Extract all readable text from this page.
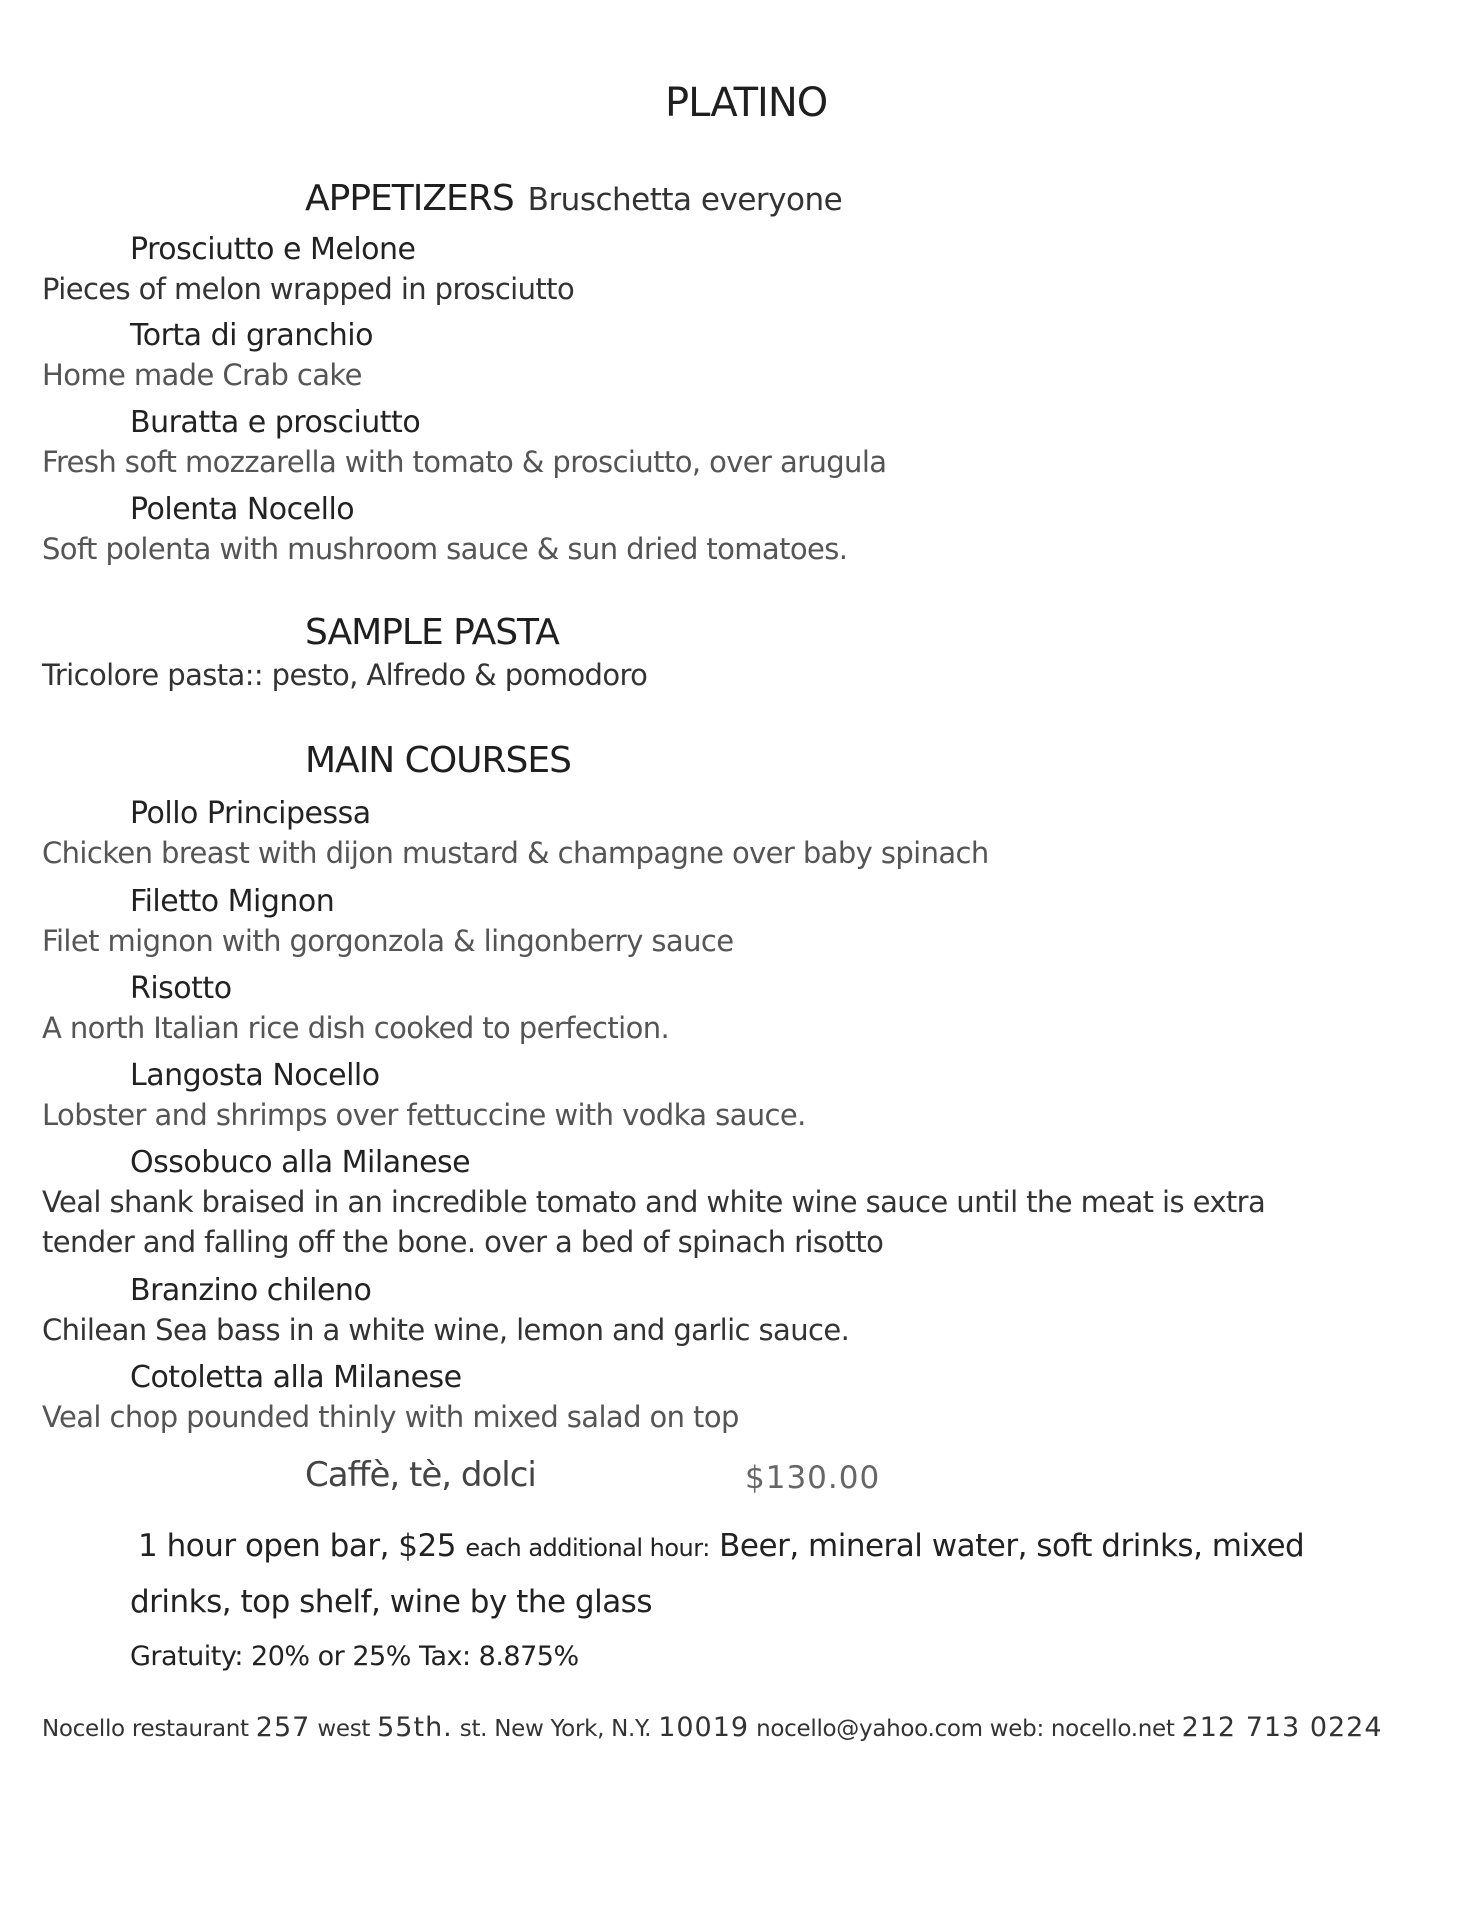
PLATINO
APPETIZERS Bruschetta everyone
Prosciutto e Melone
Pieces of melon wrapped in prosciutto
Torta di granchio
Home made Crab cake
Buratta e prosciutto
Fresh soft mozzarella with tomato & prosciutto, over arugula
Polenta Nocello
Soft polenta with mushroom sauce & sun dried tomatoes.
SAMPLE PASTA
Tricolore pasta:: pesto, Alfredo & pomodoro
MAIN COURSES
Pollo Principessa
Chicken breast with dijon mustard & champagne over baby spinach
Filetto Mignon
Filet mignon with gorgonzola & lingonberry sauce
Risotto
A north Italian rice dish cooked to perfection.
Langosta Nocello
Lobster and shrimps over fettuccine with vodka sauce.
Ossobuco alla Milanese
Veal shank braised in an incredible tomato and white wine sauce until the meat is extra
tender and falling off the bone. over a bed of spinach risotto
Branzino chileno
Chilean Sea bass in a white wine, lemon and garlic sauce.
Cotoletta alla Milanese
Veal chop pounded thinly with mixed salad on top
Caffè, tè, dolci	$130.00
1 hour open bar, $25 each additional hour: Beer, mineral water, soft drinks, mixed
drinks, top shelf, wine by the glass
Gratuity: 20% or 25% Tax: 8.875%
Nocello restaurant 257 west 55th. st. New York, N.Y. 10019 nocello@yahoo.com web: nocello.net 212 713 0224
